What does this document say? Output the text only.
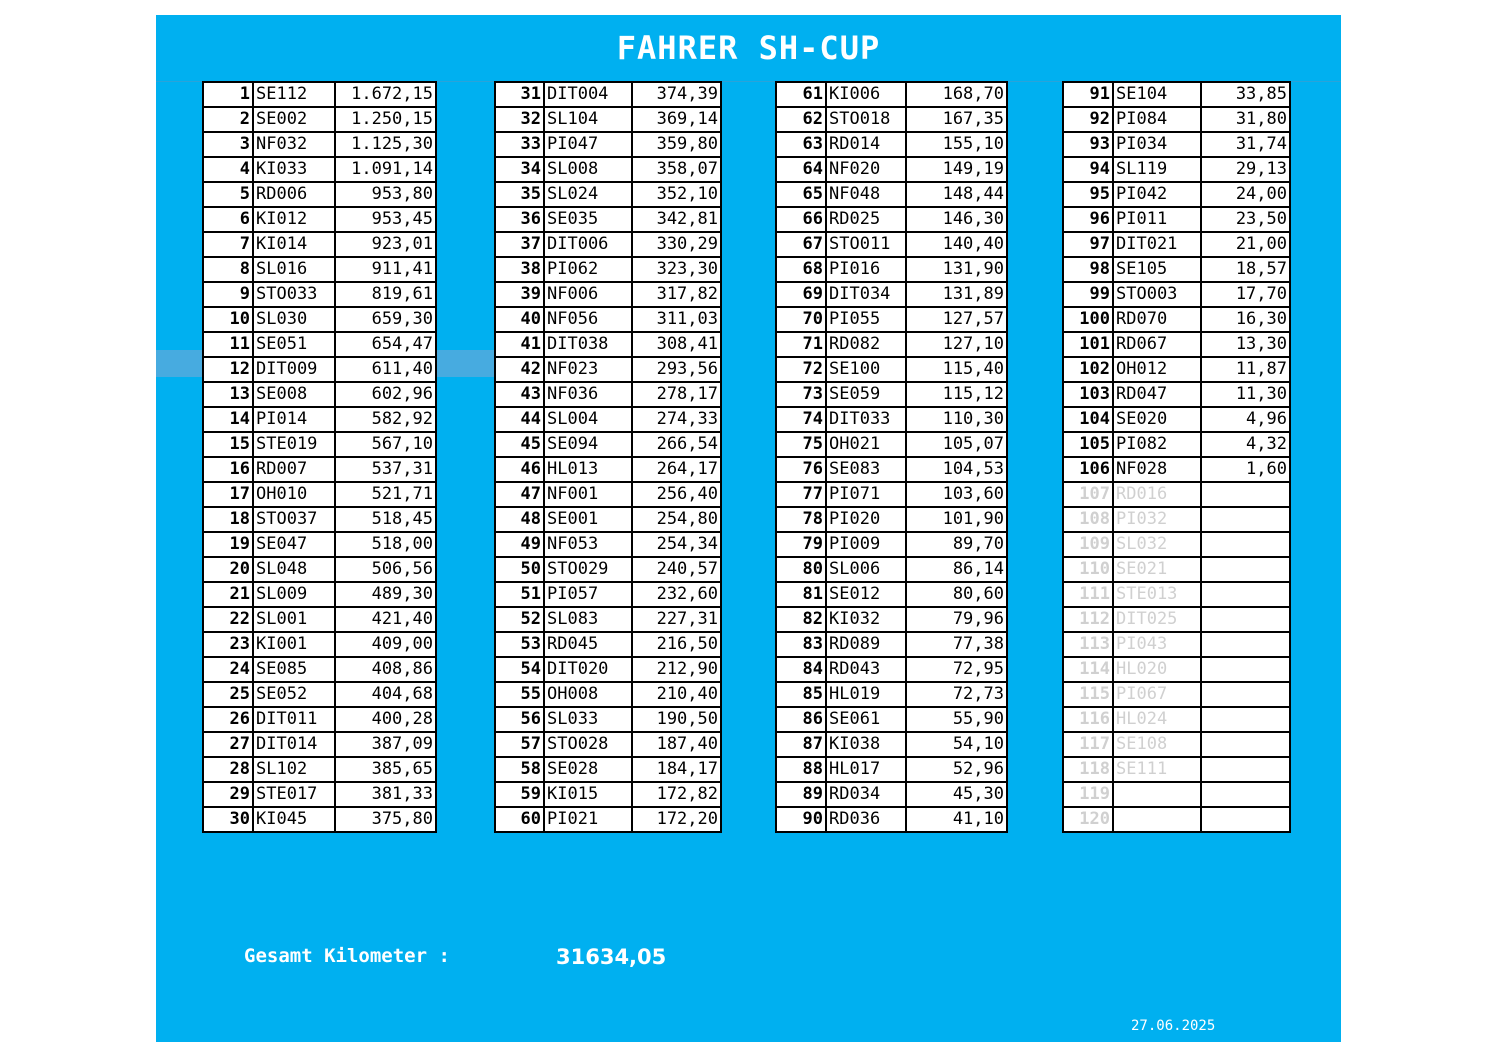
FAHRER SH-CUP
1	SE112	1.672,15
2	SE002	1.250,15
3	NF032	1.125,30
4	KI033	1.091,14
5	RD006	953,80
6	KI012	953,45
7	KI014	923,01
8	SL016	911,41
9	STO033	819,61
10	SL030	659,30
11	SE051	654,47
12	DIT009	611,40
13	SE008	602,96
14	PI014	582,92
15	STE019	567,10
16	RD007	537,31
17	OH010	521,71
18	STO037	518,45
19	SE047	518,00
20	SL048	506,56
21	SL009	489,30
22	SL001	421,40
23	KI001	409,00
24	SE085	408,86
25	SE052	404,68
26	DIT011	400,28
27	DIT014	387,09
28	SL102	385,65
29	STE017	381,33
30	KI045	375,80
31	DIT004	374,39
32	SL104	369,14
33	PI047	359,80
34	SL008	358,07
35	SL024	352,10
36	SE035	342,81
37	DIT006	330,29
38	PI062	323,30
39	NF006	317,82
40	NF056	311,03
41	DIT038	308,41
42	NF023	293,56
43	NF036	278,17
44	SL004	274,33
45	SE094	266,54
46	HL013	264,17
47	NF001	256,40
48	SE001	254,80
49	NF053	254,34
50	STO029	240,57
51	PI057	232,60
52	SL083	227,31
53	RD045	216,50
54	DIT020	212,90
55	OH008	210,40
56	SL033	190,50
57	STO028	187,40
58	SE028	184,17
59	KI015	172,82
60	PI021	172,20
61	KI006	168,70
62	STO018	167,35
63	RD014	155,10
64	NF020	149,19
65	NF048	148,44
66	RD025	146,30
67	STO011	140,40
68	PI016	131,90
69	DIT034	131,89
70	PI055	127,57
71	RD082	127,10
72	SE100	115,40
73	SE059	115,12
74	DIT033	110,30
75	OH021	105,07
76	SE083	104,53
77	PI071	103,60
78	PI020	101,90
79	PI009	89,70
80	SL006	86,14
81	SE012	80,60
82	KI032	79,96
83	RD089	77,38
84	RD043	72,95
85	HL019	72,73
86	SE061	55,90
87	KI038	54,10
88	HL017	52,96
89	RD034	45,30
90	RD036	41,10
91	SE104	33,85
92	PI084	31,80
93	PI034	31,74
94	SL119	29,13
95	PI042	24,00
96	PI011	23,50
97	DIT021	21,00
98	SE105	18,57
99	STO003	17,70
100	RD070	16,30
101	RD067	13,30
102	OH012	11,87
103	RD047	11,30
104	SE020	4,96
105	PI082	4,32
106	NF028	1,60
107	RD016	
108	PI032	
109	SL032	
110	SE021	
111	STE013	
112	DIT025	
113	PI043	
114	HL020	
115	PI067	
116	HL024	
117	SE108	
118	SE111	
119		
120		
Gesamt Kilometer :	31634,05
27.06.2025
